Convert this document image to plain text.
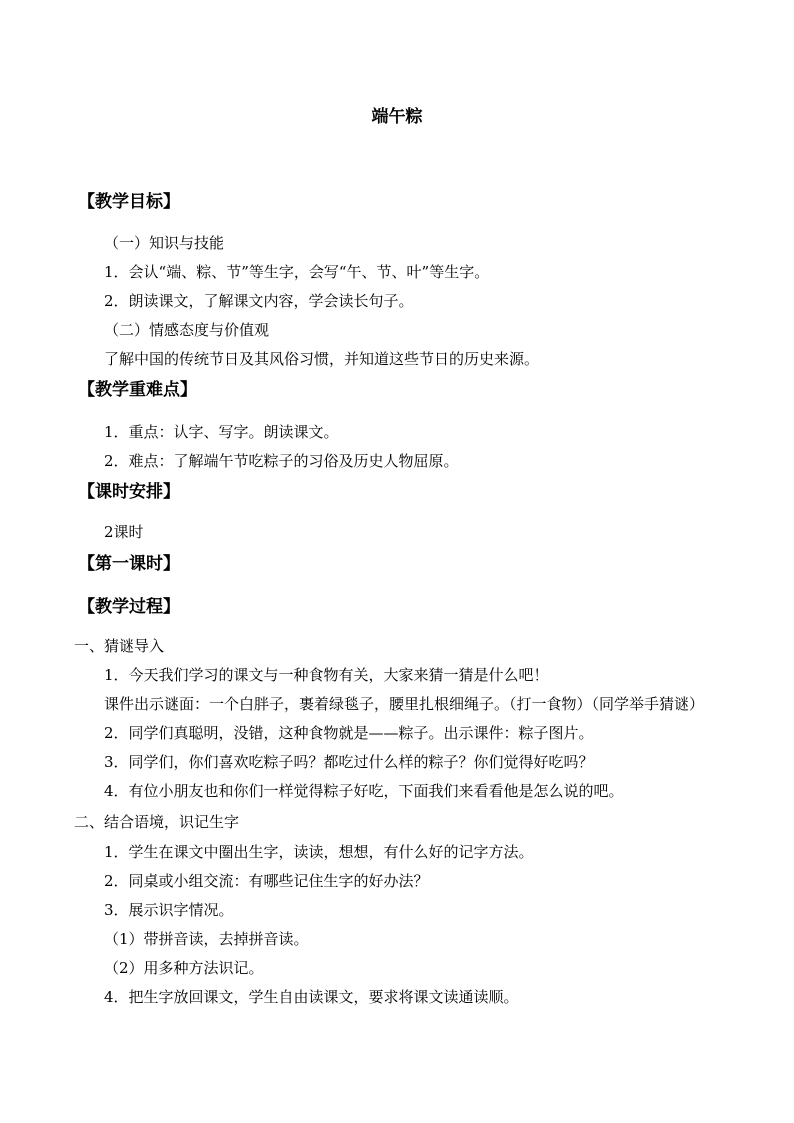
端午粽
【教学目标】
（一）知识与技能
1．会认“端、粽、节”等生字，会写“午、节、叶”等生字。
2．朗读课文，了解课文内容，学会读长句子。
（二）情感态度与价值观
了解中国的传统节日及其风俗习惯，并知道这些节日的历史来源。
【教学重难点】
1．重点：认字、写字。朗读课文。
2．难点：了解端午节吃粽子的习俗及历史人物屈原。
【课时安排】
2课时
【第一课时】
【教学过程】
一、猜谜导入
1．今天我们学习的课文与一种食物有关，大家来猜一猜是什么吧！
课件出示谜面：一个白胖子，裹着绿毯子，腰里扎根细绳子。（打一食物）（同学举手猜谜）
2．同学们真聪明，没错，这种食物就是——粽子。出示课件：粽子图片。
3．同学们，你们喜欢吃粽子吗？都吃过什么样的粽子？你们觉得好吃吗？
4．有位小朋友也和你们一样觉得粽子好吃，下面我们来看看他是怎么说的吧。
二、结合语境，识记生字
1．学生在课文中圈出生字，读读，想想，有什么好的记字方法。
2．同桌或小组交流：有哪些记住生字的好办法？
3．展示识字情况。
（1）带拼音读，去掉拼音读。
（2）用多种方法识记。
4．把生字放回课文，学生自由读课文，要求将课文读通读顺。
